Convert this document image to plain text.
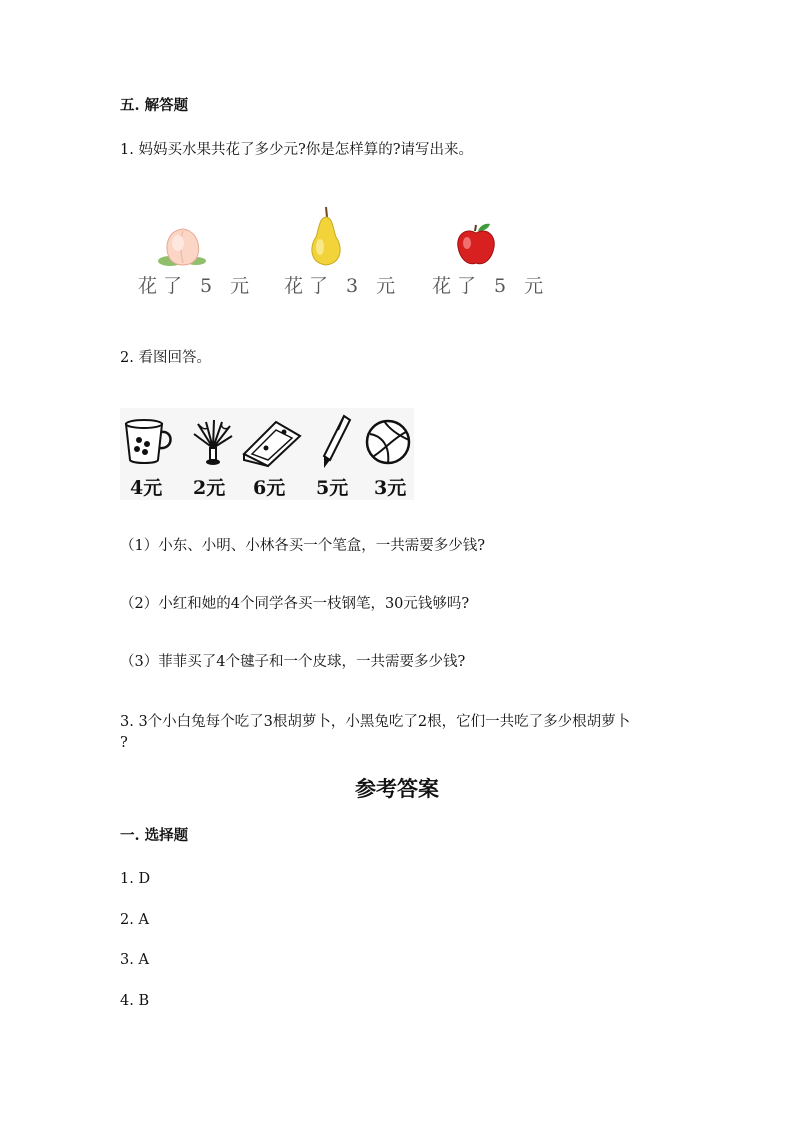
五. 解答题
1. 妈妈买水果共花了多少元?你是怎样算的?请写出来。
花了 5 元 花了 3 元 花了 5 元
2. 看图回答。
4元 2元 6元 5元 3元
（1）小东、小明、小林各买一个笔盒，一共需要多少钱?
（2）小红和她的4个同学各买一枝钢笔，30元钱够吗?
（3）菲菲买了4个毽子和一个皮球，一共需要多少钱?
3. 3个小白兔每个吃了3根胡萝卜，小黑兔吃了2根，它们一共吃了多少根胡萝卜
?
参考答案
一. 选择题
1. D
2. A
3. A
4. B
